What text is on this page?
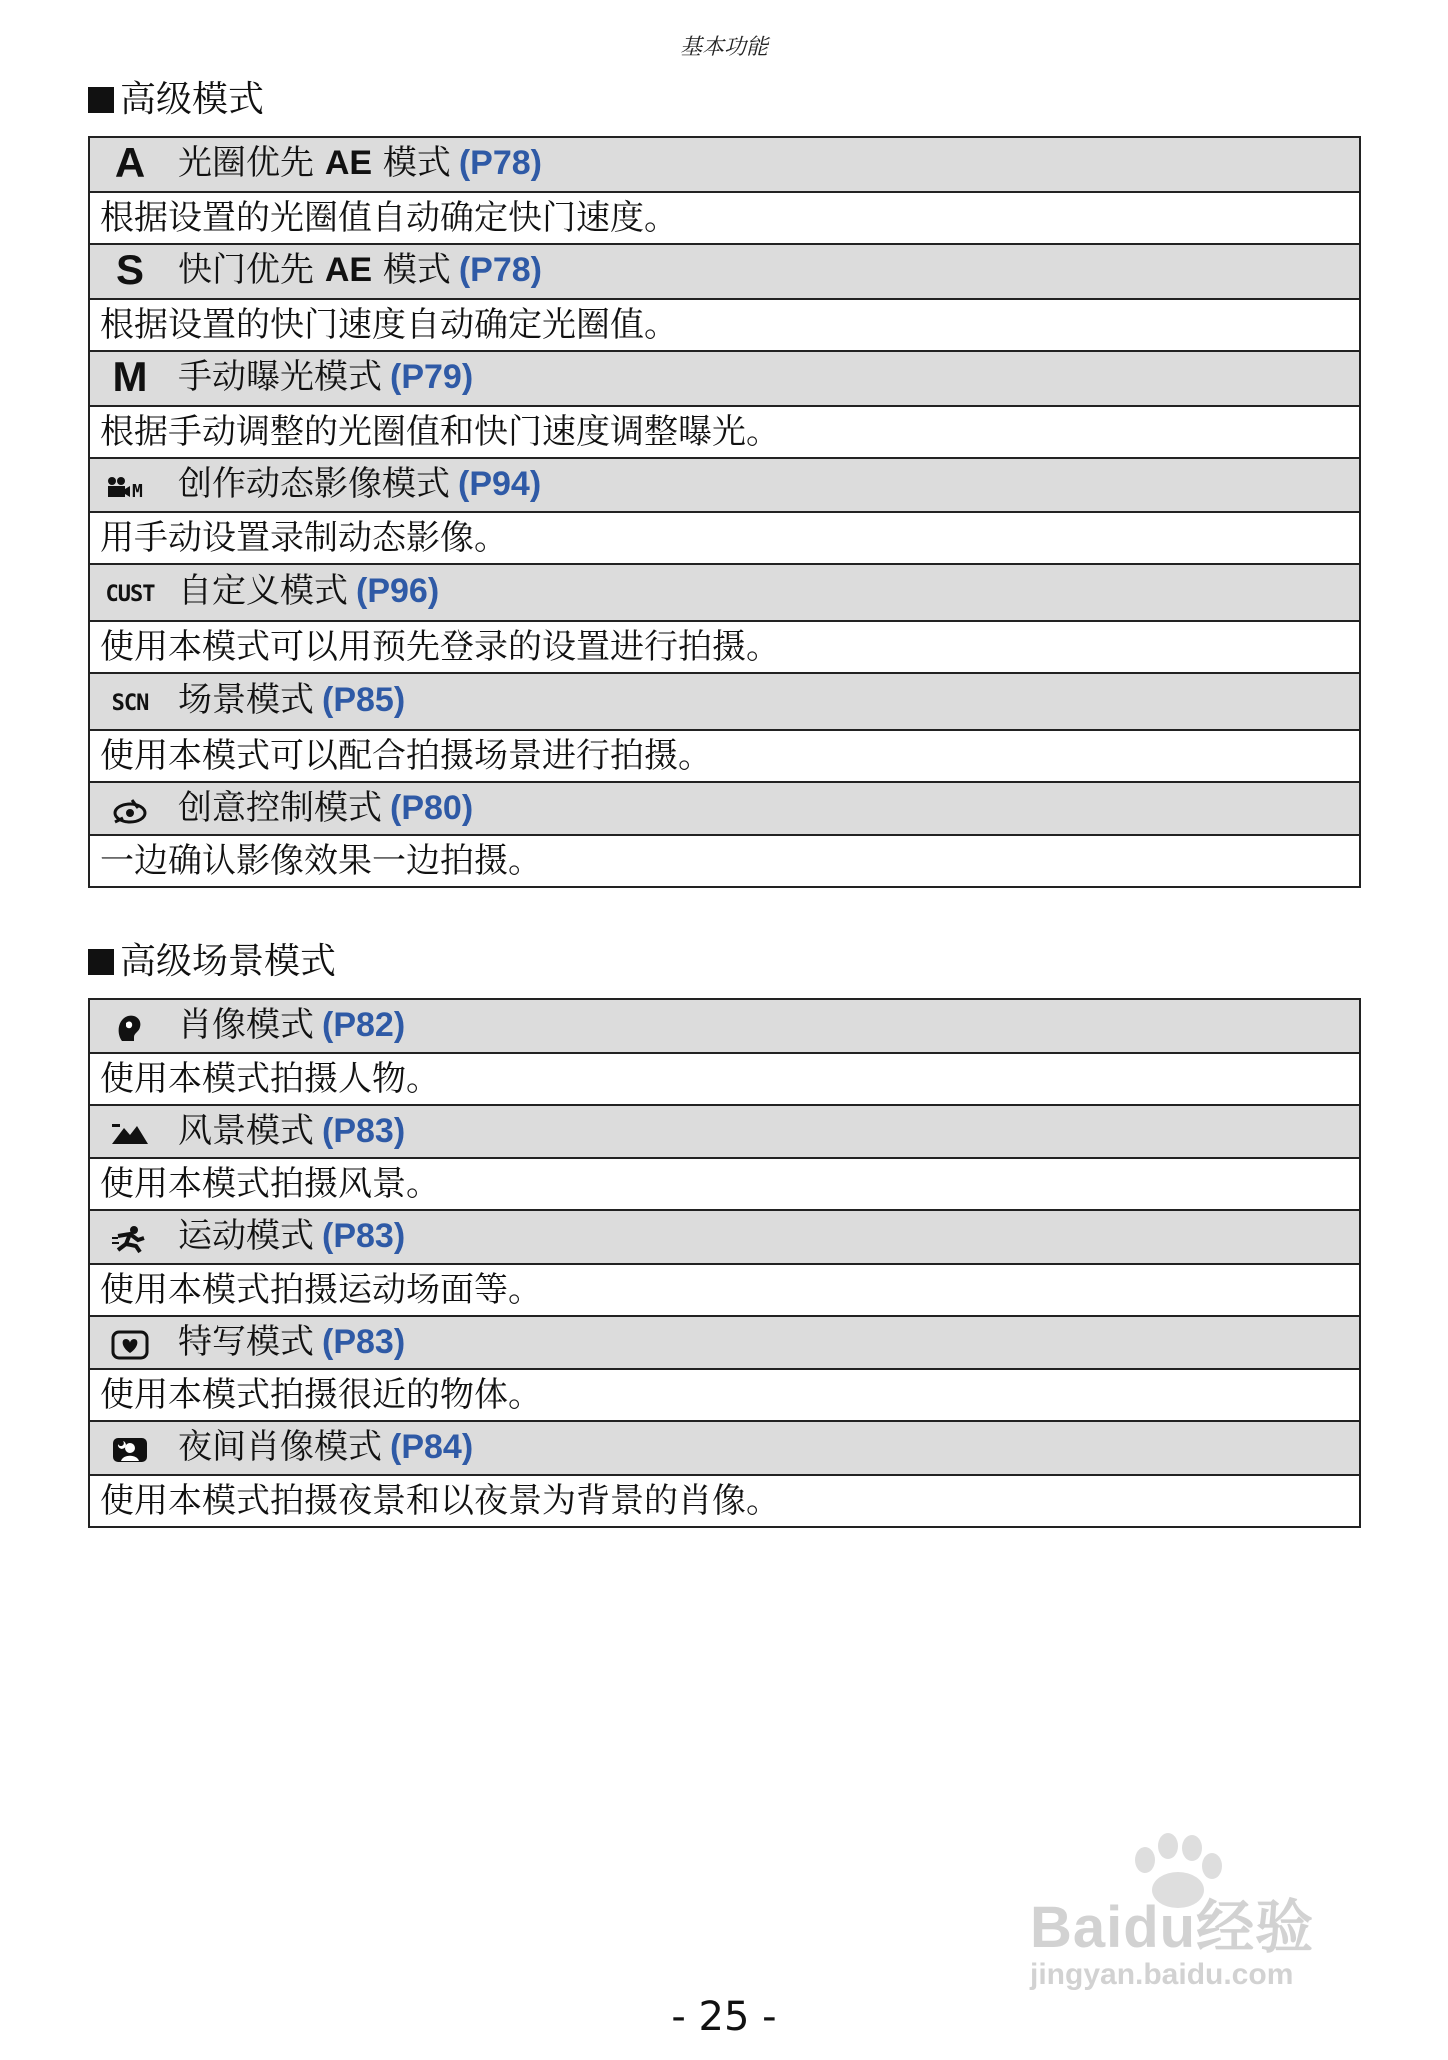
基本功能
高级模式
A 光圈优先 AE 模式 (P78)
根据设置的光圈值自动确定快门速度。
S 快门优先 AE 模式 (P78)
根据设置的快门速度自动确定光圈值。
M 手动曝光模式 (P79)
根据手动调整的光圈值和快门速度调整曝光。

M 创作动态影像模式 (P94)
用手动设置录制动态影像。
CUST 自定义模式 (P96)
使用本模式可以用预先登录的设置进行拍摄。
SCN 场景模式 (P85)
使用本模式可以配合拍摄场景进行拍摄。
创意控制模式 (P80)
一边确认影像效果一边拍摄。
高级场景模式
肖像模式 (P82)
使用本模式拍摄人物。
风景模式 (P83)
使用本模式拍摄风景。
运动模式 (P83)
使用本模式拍摄运动场面等。
特写模式 (P83)
使用本模式拍摄很近的物体。
夜间肖像模式 (P84)
使用本模式拍摄夜景和以夜景为背景的肖像。
Baidu经验
jingyan.baidu.com
- 25 -
